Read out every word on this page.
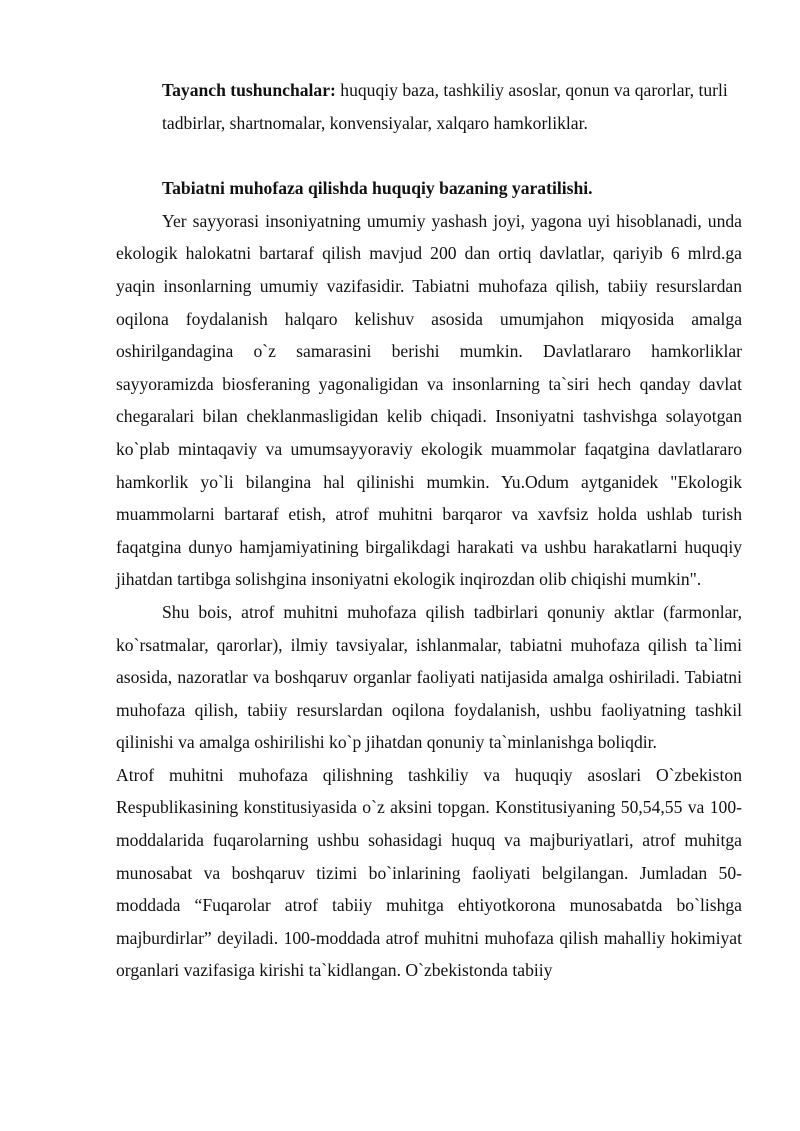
Tayanch tushunchalar: huquqiy baza, tashkiliy asoslar, qonun va qarorlar, turli tadbirlar, shartnomalar, konvensiyalar, xalqaro hamkorliklar.
Tabiatni muhofaza qilishda huquqiy bazaning yaratilishi.

Yer sayyorasi insoniyatning umumiy yashash joyi, yagona uyi hisoblanadi, unda ekologik halokatni bartaraf qilish mavjud 200 dan ortiq davlatlar, qariyib 6 mlrd.ga yaqin insonlarning umumiy vazifasidir. Tabiatni muhofaza qilish, tabiiy resurslardan oqilona foydalanish halqaro kelishuv asosida umumjahon miqyosida amalga oshirilgandagina o`z samarasini berishi mumkin. Davlatlararo hamkorliklar sayyoramizda biosferaning yagonaligidan va insonlarning ta`siri hech qanday davlat chegaralari bilan cheklanmasligidan kelib chiqadi. Insoniyatni tashvishga solayotgan ko`plab mintaqaviy va umumsayyoraviy ekologik muammolar faqatgina davlatlararo hamkorlik yo`li bilangina hal qilinishi mumkin. Yu.Odum aytganidek "Ekologik muammolarni bartaraf etish, atrof muhitni barqaror va xavfsiz holda ushlab turish faqatgina dunyo hamjamiyatining birgalikdagi harakati va ushbu harakatlarni huquqiy jihatdan tartibga solishgina insoniyatni ekologik inqirozdan olib chiqishi mumkin".

Shu bois, atrof muhitni muhofaza qilish tadbirlari qonuniy aktlar (farmonlar, ko`rsatmalar, qarorlar), ilmiy tavsiyalar, ishlanmalar, tabiatni muhofaza qilish ta`limi asosida, nazoratlar va boshqaruv organlar faoliyati natijasida amalga oshiriladi. Tabiatni muhofaza qilish, tabiiy resurslardan oqilona foydalanish, ushbu faoliyatning tashkil qilinishi va amalga oshirilishi ko`p jihatdan qonuniy ta`minlanishga boliqdir.

Atrof muhitni muhofaza qilishning tashkiliy va huquqiy asoslari O`zbekiston Respublikasining konstitusiyasida o`z aksini topgan. Konstitusiyaning 50,54,55 va 100-moddalarida fuqarolarning ushbu sohasidagi huquq va majburiyatlari, atrof muhitga munosabat va boshqaruv tizimi bo`inlarining faoliyati belgilangan. Jumladan 50-moddada “Fuqarolar atrof tabiiy muhitga ehtiyotkorona munosabatda bo`lishga majburdirlar” deyiladi. 100-moddada atrof muhitni muhofaza qilish mahalliy hokimiyat organlari vazifasiga kirishi ta`kidlangan. O`zbekistonda tabiiy
